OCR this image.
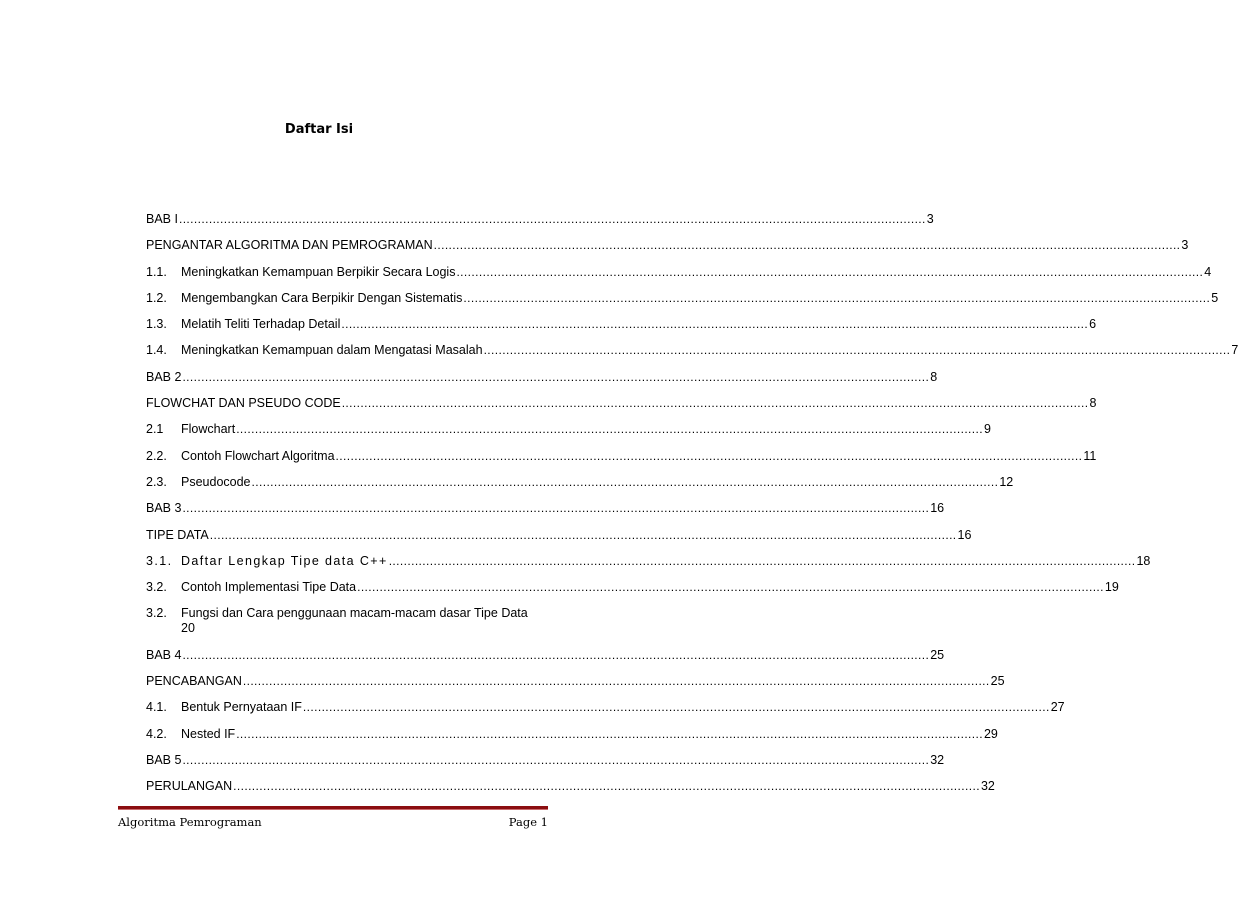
Daftar Isi
BAB I ........................................................................................................................................................................................................ 3
PENGANTAR ALGORITMA DAN PEMROGRAMAN ........................................................................................................................................................................................................ 3
1.1.	Meningkatkan Kemampuan Berpikir Secara Logis ........................................................................................................................................................................................................ 4
1.2.	Mengembangkan Cara Berpikir Dengan Sistematis ........................................................................................................................................................................................................ 5
1.3.	Melatih Teliti Terhadap Detail ........................................................................................................................................................................................................ 6
1.4.	Meningkatkan Kemampuan dalam Mengatasi Masalah ........................................................................................................................................................................................................ 7
BAB 2 ........................................................................................................................................................................................................ 8
FLOWCHAT DAN PSEUDO CODE ........................................................................................................................................................................................................ 8
2.1	Flowchart ........................................................................................................................................................................................................ 9
2.2.	Contoh Flowchart Algoritma ........................................................................................................................................................................................................ 11
2.3.	Pseudocode ........................................................................................................................................................................................................ 12
BAB 3 ........................................................................................................................................................................................................ 16
TIPE DATA ........................................................................................................................................................................................................ 16
3.1. Daftar Lengkap Tipe data C++ ........................................................................................................................................................................................................ 18
3.2.	Contoh Implementasi Tipe Data ........................................................................................................................................................................................................ 19
3.2.	Fungsi dan Cara penggunaan macam-macam dasar Tipe Data
20
BAB 4 ........................................................................................................................................................................................................ 25
PENCABANGAN ........................................................................................................................................................................................................ 25
4.1.	Bentuk Pernyataan IF ........................................................................................................................................................................................................ 27
4.2.	Nested IF ........................................................................................................................................................................................................ 29
BAB 5 ........................................................................................................................................................................................................ 32
PERULANGAN ........................................................................................................................................................................................................ 32
Algoritma Pemrograman	Page 1
